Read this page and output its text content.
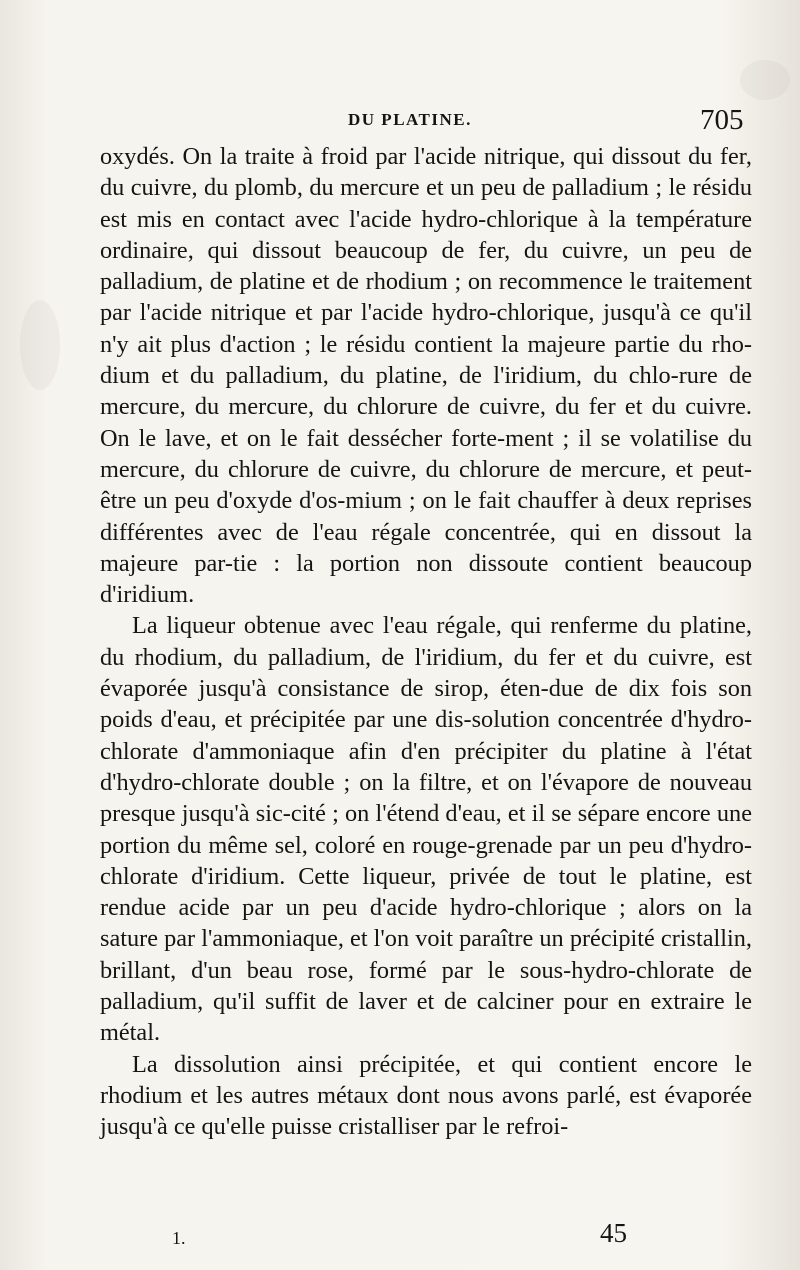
DU PLATINE.	705

oxydés. On la traite à froid par l'acide nitrique, qui dissout du fer, du cuivre, du plomb, du mercure et un peu de palladium ; le résidu est mis en contact avec l'acide hydro-chlorique à la température ordinaire, qui dissout beaucoup de fer, du cuivre, un peu de palladium, de platine et de rhodium ; on recommence le traitement par l'acide nitrique et par l'acide hydro-chlorique, jusqu'à ce qu'il n'y ait plus d'action ; le résidu contient la majeure partie du rho-dium et du palladium, du platine, de l'iridium, du chlo-rure de mercure, du mercure, du chlorure de cuivre, du fer et du cuivre. On le lave, et on le fait dessécher forte-ment ; il se volatilise du mercure, du chlorure de cuivre, du chlorure de mercure, et peut-être un peu d'oxyde d'os-mium ; on le fait chauffer à deux reprises différentes avec de l'eau régale concentrée, qui en dissout la majeure par-tie : la portion non dissoute contient beaucoup d'iridium.

La liqueur obtenue avec l'eau régale, qui renferme du platine, du rhodium, du palladium, de l'iridium, du fer et du cuivre, est évaporée jusqu'à consistance de sirop, éten-due de dix fois son poids d'eau, et précipitée par une dis-solution concentrée d'hydro-chlorate d'ammoniaque afin d'en précipiter du platine à l'état d'hydro-chlorate double ; on la filtre, et on l'évapore de nouveau presque jusqu'à sic-cité ; on l'étend d'eau, et il se sépare encore une portion du même sel, coloré en rouge-grenade par un peu d'hydro-chlorate d'iridium. Cette liqueur, privée de tout le platine, est rendue acide par un peu d'acide hydro-chlorique ; alors on la sature par l'ammoniaque, et l'on voit paraître un précipité cristallin, brillant, d'un beau rose, formé par le sous-hydro-chlorate de palladium, qu'il suffit de laver et de calciner pour en extraire le métal.

La dissolution ainsi précipitée, et qui contient encore le rhodium et les autres métaux dont nous avons parlé, est évaporée jusqu'à ce qu'elle puisse cristalliser par le refroi-

1.	45
